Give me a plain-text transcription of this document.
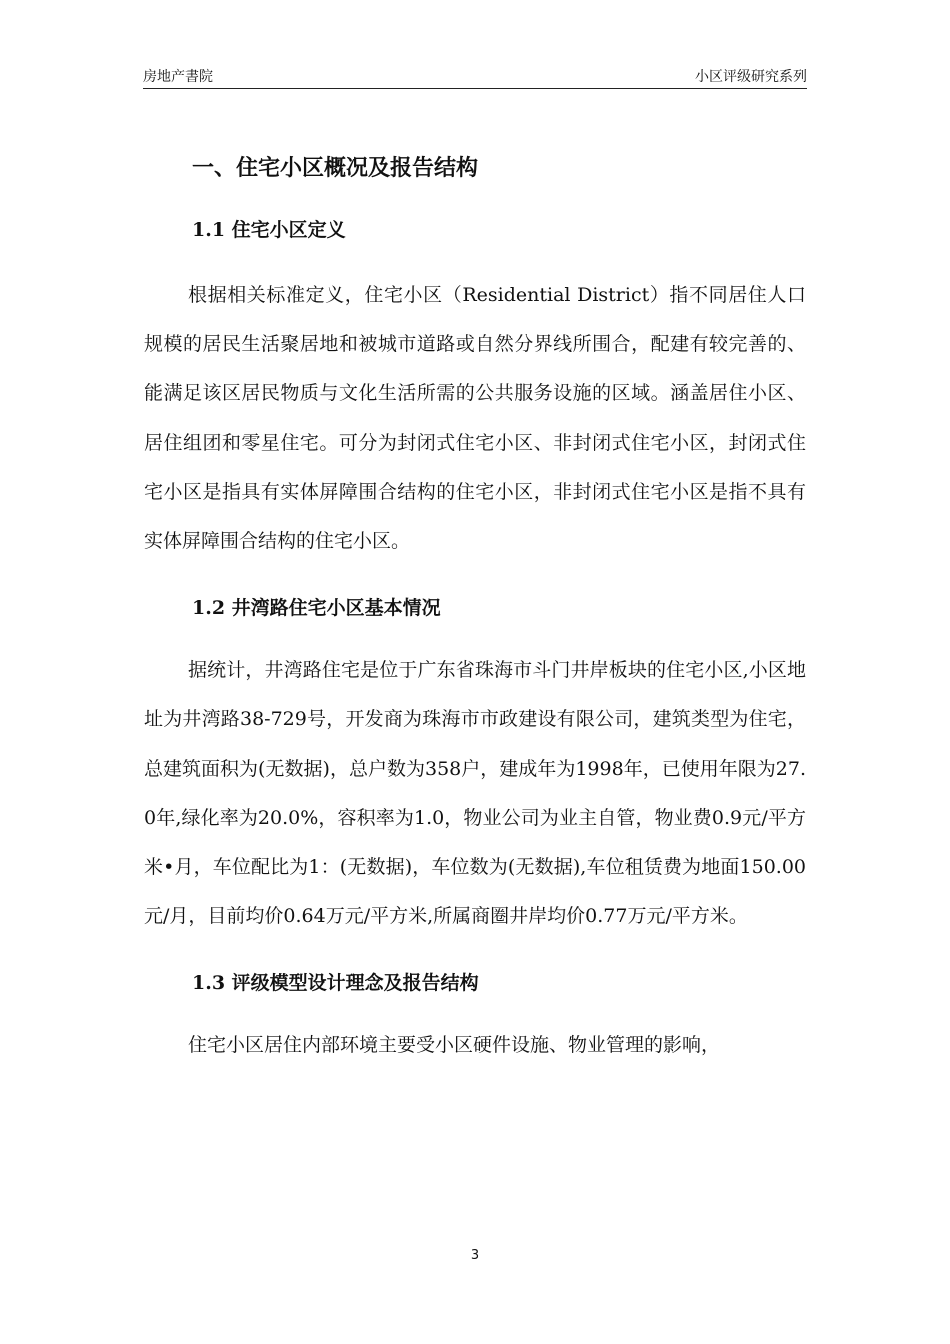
房地产書院	小区评级研究系列
一、住宅小区概况及报告结构
1.1 住宅小区定义

根据相关标准定义，住宅小区（Residential District）指不同居住人口规模的居民生活聚居地和被城市道路或自然分界线所围合，配建有较完善的、能满足该区居民物质与文化生活所需的公共服务设施的区域。涵盖居住小区、居住组团和零星住宅。可分为封闭式住宅小区、非封闭式住宅小区，封闭式住宅小区是指具有实体屏障围合结构的住宅小区，非封闭式住宅小区是指不具有实体屏障围合结构的住宅小区。

1.2 井湾路住宅小区基本情况

据统计，井湾路住宅是位于广东省珠海市斗门井岸板块的住宅小区,小区地址为井湾路38-729号，开发商为珠海市市政建设有限公司，建筑类型为住宅，总建筑面积为(无数据)，总户数为358户，建成年为1998年，已使用年限为27.0年,绿化率为20.0%，容积率为1.0，物业公司为业主自管，物业费0.9元/平方米•月，车位配比为1：(无数据)，车位数为(无数据),车位租赁费为地面150.00元/月，目前均价0.64万元/平方米,所属商圈井岸均价0.77万元/平方米。

1.3 评级模型设计理念及报告结构

住宅小区居住内部环境主要受小区硬件设施、物业管理的影响，

3
